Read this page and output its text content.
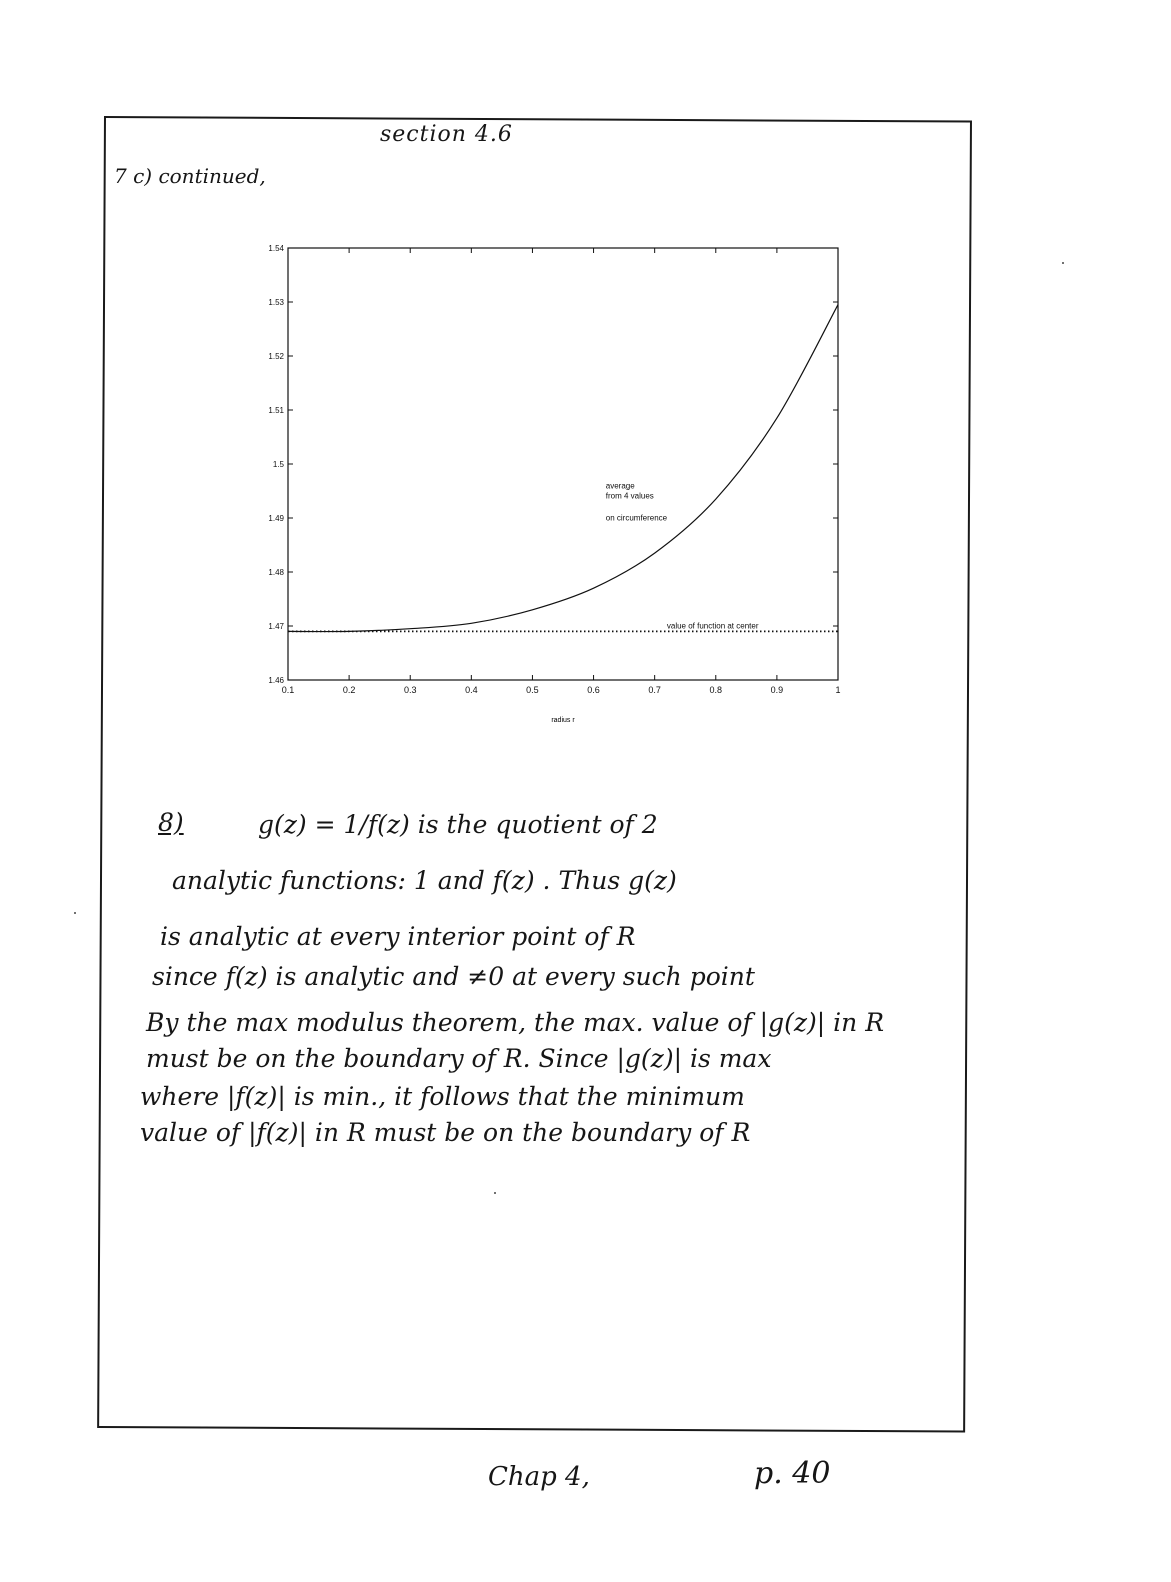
section 4.6
7 c) continued,
0.1	0.2	0.3	0.4	0.5	0.6	0.7	0.8	0.9	1
1.46
1.47
1.48
1.49
1.5
1.51
1.52
1.53
1.54
average
from 4 values
on circumference
value of function at center
radius r
8)	g(z) = 1/f(z) is the quotient of 2
analytic functions: 1 and f(z) . Thus g(z)
is analytic at every interior point of R
since f(z) is analytic and ≠0 at every such point
By the max modulus theorem, the max. value of |g(z)| in R
must be on the boundary of R. Since |g(z)| is max
where |f(z)| is min., it follows that the minimum
value of |f(z)| in R must be on the boundary of R
Chap 4,	p. 40
